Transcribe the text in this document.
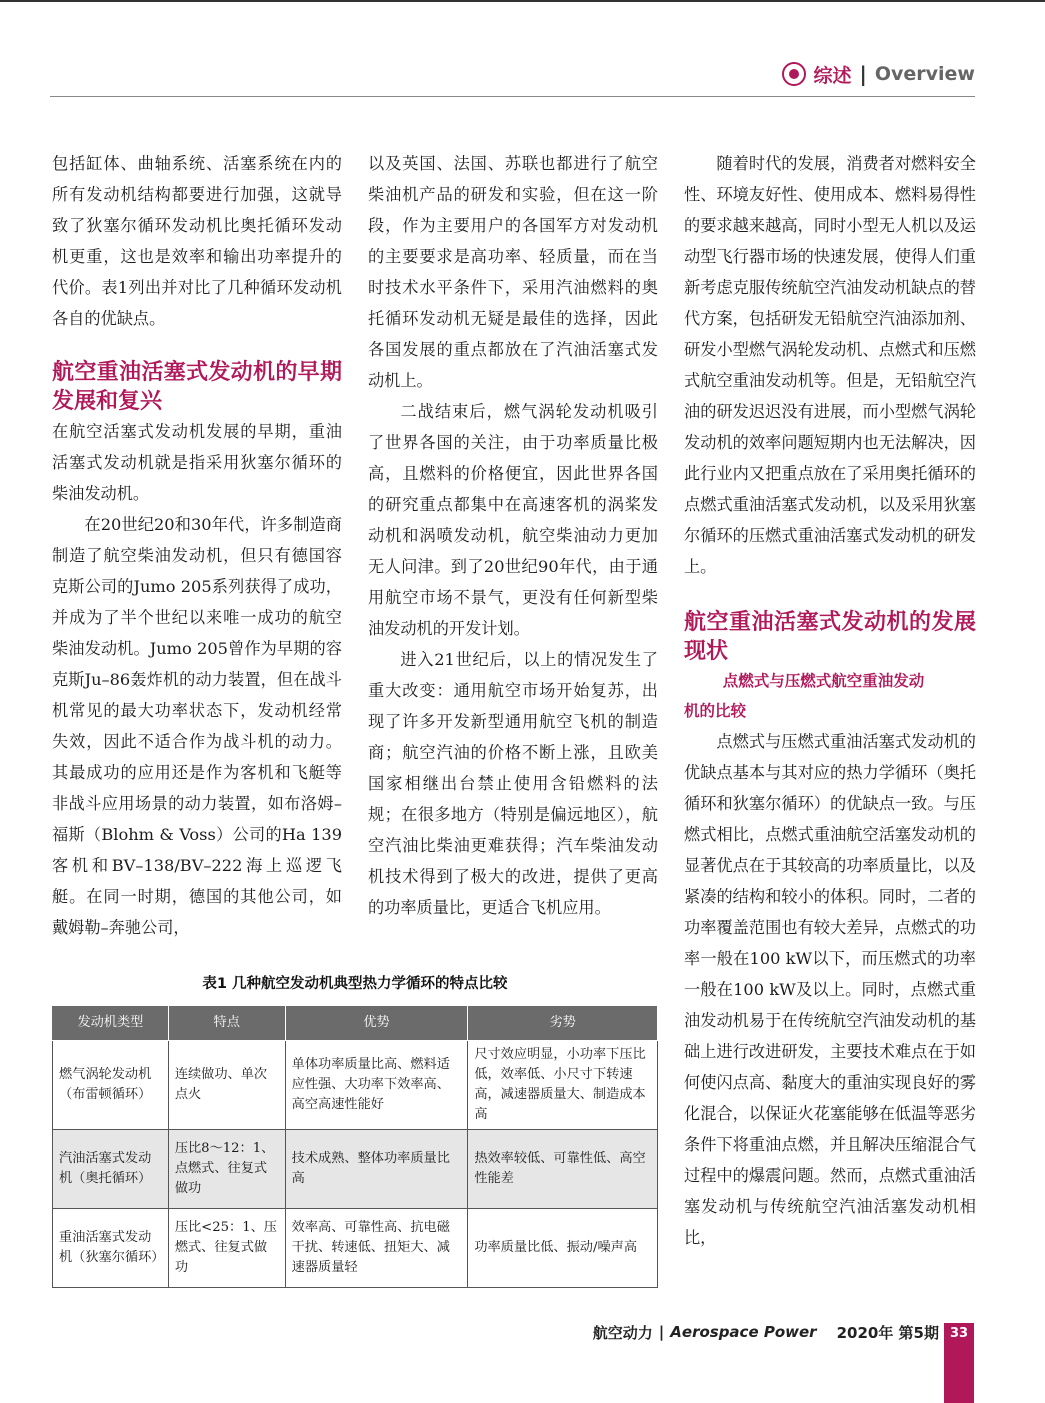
综述 | Overview

包括缸体、曲轴系统、活塞系统在内的所有发动机结构都要进行加强，这就导致了狄塞尔循环发动机比奥托循环发动机更重，这也是效率和输出功率提升的代价。表1列出并对比了几种循环发动机各自的优缺点。

航空重油活塞式发动机的早期发展和复兴

在航空活塞式发动机发展的早期，重油活塞式发动机就是指采用狄塞尔循环的柴油发动机。

在20世纪20和30年代，许多制造商制造了航空柴油发动机，但只有德国容克斯公司的Jumo 205系列获得了成功，并成为了半个世纪以来唯一成功的航空柴油发动机。Jumo 205曾作为早期的容克斯Ju–86轰炸机的动力装置，但在战斗机常见的最大功率状态下，发动机经常失效，因此不适合作为战斗机的动力。其最成功的应用还是作为客机和飞艇等非战斗应用场景的动力装置，如布洛姆–福斯（Blohm & Voss）公司的Ha 139客机和BV–138/BV–222海上巡逻飞艇。在同一时期，德国的其他公司，如戴姆勒–奔驰公司，

以及英国、法国、苏联也都进行了航空柴油机产品的研发和实验，但在这一阶段，作为主要用户的各国军方对发动机的主要要求是高功率、轻质量，而在当时技术水平条件下，采用汽油燃料的奥托循环发动机无疑是最佳的选择，因此各国发展的重点都放在了汽油活塞式发动机上。

二战结束后，燃气涡轮发动机吸引了世界各国的关注，由于功率质量比极高，且燃料的价格便宜，因此世界各国的研究重点都集中在高速客机的涡桨发动机和涡喷发动机，航空柴油动力更加无人问津。到了20世纪90年代，由于通用航空市场不景气，更没有任何新型柴油发动机的开发计划。

进入21世纪后，以上的情况发生了重大改变：通用航空市场开始复苏，出现了许多开发新型通用航空飞机的制造商；航空汽油的价格不断上涨，且欧美国家相继出台禁止使用含铅燃料的法规；在很多地方（特别是偏远地区），航空汽油比柴油更难获得；汽车柴油发动机技术得到了极大的改进，提供了更高的功率质量比，更适合飞机应用。

随着时代的发展，消费者对燃料安全性、环境友好性、使用成本、燃料易得性的要求越来越高，同时小型无人机以及运动型飞行器市场的快速发展，使得人们重新考虑克服传统航空汽油发动机缺点的替代方案，包括研发无铅航空汽油添加剂、研发小型燃气涡轮发动机、点燃式和压燃式航空重油发动机等。但是，无铅航空汽油的研发迟迟没有进展，而小型燃气涡轮发动机的效率问题短期内也无法解决，因此行业内又把重点放在了采用奥托循环的点燃式重油活塞式发动机，以及采用狄塞尔循环的压燃式重油活塞式发动机的研发上。

航空重油活塞式发动机的发展现状

点燃式与压燃式航空重油发动

机的比较

点燃式与压燃式重油活塞式发动机的优缺点基本与其对应的热力学循环（奥托循环和狄塞尔循环）的优缺点一致。与压燃式相比，点燃式重油航空活塞发动机的显著优点在于其较高的功率质量比，以及紧凑的结构和较小的体积。同时，二者的功率覆盖范围也有较大差异，点燃式的功率一般在100 kW以下，而压燃式的功率一般在100 kW及以上。同时，点燃式重油发动机易于在传统航空汽油发动机的基础上进行改进研发，主要技术难点在于如何使闪点高、黏度大的重油实现良好的雾化混合，以保证火花塞能够在低温等恶劣条件下将重油点燃，并且解决压缩混合气过程中的爆震问题。然而，点燃式重油活塞发动机与传统航空汽油活塞发动机相比，

表1 几种航空发动机典型热力学循环的特点比较
发动机类型	特点	优势	劣势
燃气涡轮发动机（布雷顿循环）	连续做功、单次点火	单体功率质量比高、燃料适应性强、大功率下效率高、高空高速性能好	尺寸效应明显，小功率下压比低，效率低、小尺寸下转速高，减速器质量大、制造成本高
汽油活塞式发动机（奥托循环）	压比8～12：1、点燃式、往复式做功	技术成熟、整体功率质量比高	热效率较低、可靠性低、高空性能差
重油活塞式发动机（狄塞尔循环）	压比<25：1、压燃式、往复式做功	效率高、可靠性高、抗电磁干扰、转速低、扭矩大、减速器质量轻	功率质量比低、振动/噪声高
航空动力 | Aerospace Power 2020年 第5期 33
